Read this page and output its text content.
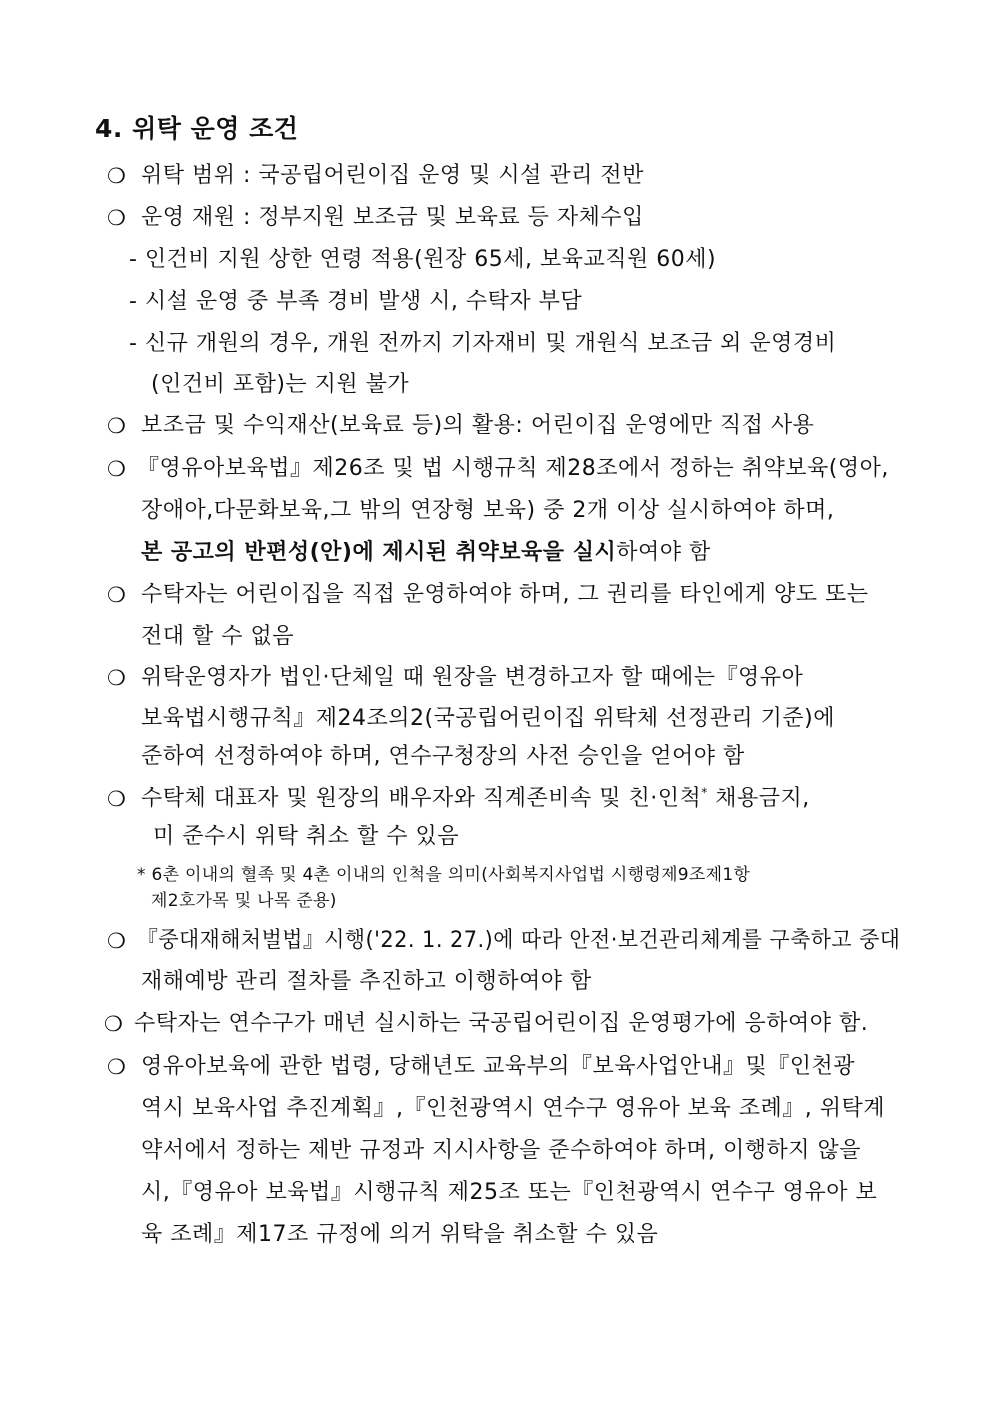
4. 위탁 운영 조건
❍ 위탁 범위 : 국공립어린이집 운영 및 시설 관리 전반
❍ 운영 재원 : 정부지원 보조금 및 보육료 등 자체수입
- 인건비 지원 상한 연령 적용(원장 65세, 보육교직원 60세)
- 시설 운영 중 부족 경비 발생 시, 수탁자 부담
- 신규 개원의 경우, 개원 전까지 기자재비 및 개원식 보조금 외 운영경비
(인건비 포함)는 지원 불가
❍ 보조금 및 수익재산(보육료 등)의 활용: 어린이집 운영에만 직접 사용
❍ 『영유아보육법』제26조 및 법 시행규칙 제28조에서 정하는 취약보육(영아,
장애아,다문화보육,그 밖의 연장형 보육) 중 2개 이상 실시하여야 하며,
본 공고의 반편성(안)에 제시된 취약보육을 실시하여야 함
❍ 수탁자는 어린이집을 직접 운영하여야 하며, 그 권리를 타인에게 양도 또는
전대 할 수 없음
❍ 위탁운영자가 법인·단체일 때 원장을 변경하고자 할 때에는『영유아
보육법시행규칙』제24조의2(국공립어린이집 위탁체 선정관리 기준)에
준하여 선정하여야 하며, 연수구청장의 사전 승인을 얻어야 함
❍ 수탁체 대표자 및 원장의 배우자와 직계존비속 및 친·인척* 채용금지,
미 준수시 위탁 취소 할 수 있음
* 6촌 이내의 혈족 및 4촌 이내의 인척을 의미(사회복지사업법 시행령제9조제1항
제2호가목 및 나목 준용)
❍ 『중대재해처벌법』시행('22. 1. 27.)에 따라 안전·보건관리체계를 구축하고 중대
재해예방 관리 절차를 추진하고 이행하여야 함
❍ 수탁자는 연수구가 매년 실시하는 국공립어린이집 운영평가에 응하여야 함.
❍ 영유아보육에 관한 법령, 당해년도 교육부의『보육사업안내』및『인천광
역시 보육사업 추진계획』,『인천광역시 연수구 영유아 보육 조례』, 위탁계
약서에서 정하는 제반 규정과 지시사항을 준수하여야 하며, 이행하지 않을
시,『영유아 보육법』시행규칙 제25조 또는『인천광역시 연수구 영유아 보
육 조례』제17조 규정에 의거 위탁을 취소할 수 있음
